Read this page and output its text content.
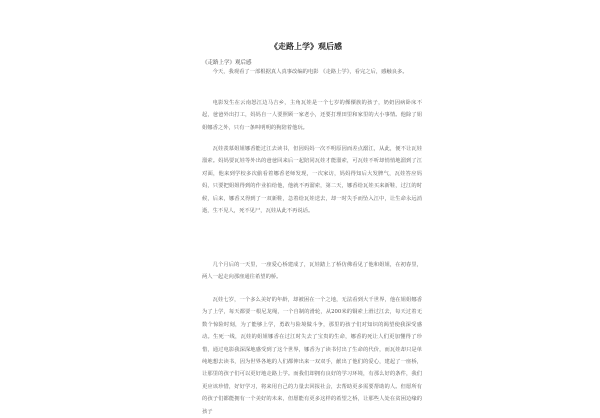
《走路上学》观后感
《走路上学》观后感

今天，我观看了一部根据真人真事改编的电影 《走路上学》，看完之后，感触良多。

电影发生在云南怒江边马吉乡，主角瓦娃是一个七岁的傈僳族的孩子，奶奶因病卧床不起，爸爸外出打工，妈妈自一人要照顾一家老小，还要打理田里和家里的大小事情。他除了姐姐娜香之外，只有一条叫明明的狗陪着他玩。

瓦娃羡慕姐姐娜香能过江去读书，但因妈妈一次不明原因而差点溺江，从此，便不让瓦娃溜索。妈妈要瓦娃等外出的爸爸回来后一起陪同瓦娃才能溜索，可瓦娃不听却悄悄地溜到了江对面，他来到学校多次偷看着娜香老师发现，一次家访，妈妈得知后大发脾气，瓦娃答应妈妈，只要把姐姐得到的作业拍给他，他就不再溜索，第二天，娜香给瓦娃买来新鞋，过江的时候，后来，娜香又得到了一双新鞋，急着给瓦娃送去，却一时失手而坠入江中，让生命永远消逝，生不见人，死不见尸，瓦娃从此不再说话。

几个月后的一天里，一座爱心桥建成了，瓦娃踏上了桥仿佛看见了他和姐姐，在初春里，两人一起走向那座通往希望的桥。

瓦娃七岁，一个多么美好的年龄，却被困在一个之地，无法看到大千世界，他在姐姐娜香为了上学，每天都要一根尼龙绳，一个自制的滑轮，从200米的铜索上滑过江去，每天过着无数个惊险时刻，为了能够上学，勇敢与险境做斗争，那里的孩子们对知识的渴望使我深受感动。生死一线，瓦娃的姐姐娜香在过江时失去了宝贵的生命，娜香的死让人们更加懂得了珍惜，通过电影我深深地感受到了这个世界，娜香为了读书付出了生命的代价，而瓦娃却只是单纯地想去读书，因为世界各地的人们都伸出来一双双手，献出了他们的爱心，建起了一座桥，让那里的孩子们可以更好地走路上学。而我们却拥有良好的学习环境，有那么好的条件，我们更应该珍惜，好好学习，将来用自己的力量去回报社会，去帮助更多需要帮助的人。但愿所有的孩子们都能拥有一个美好的未来，但愿能有更多这样的希望之桥，让那些人处在贫困边缘的孩子
